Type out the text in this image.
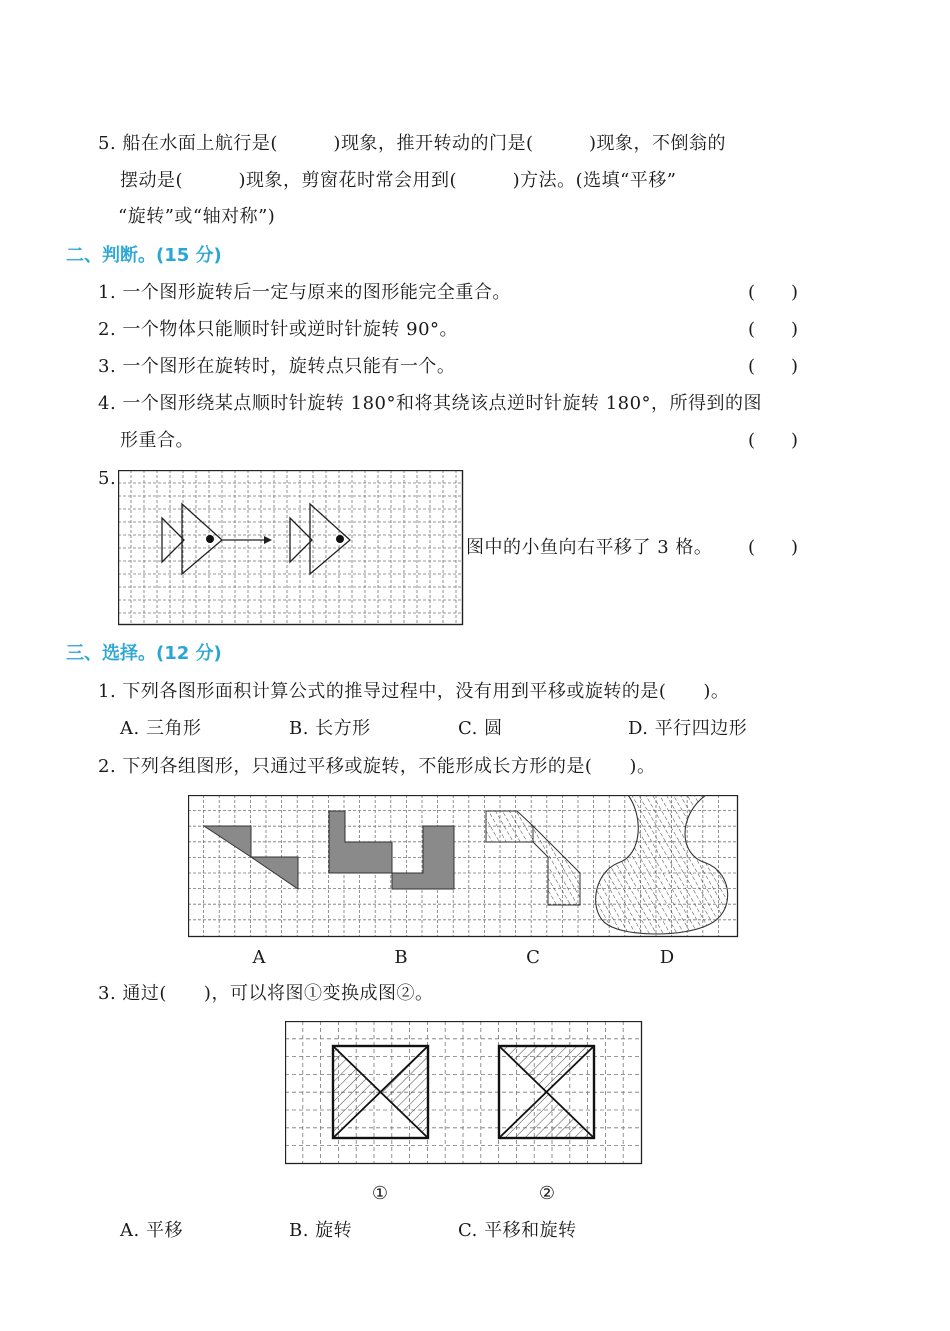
5. 船在水面上航行是(　　　)现象，推开转动的门是(　　　)现象，不倒翁的
摆动是(　　　)现象，剪窗花时常会用到(　　　)方法。(选填“平移”
“旋转”或“轴对称”)
二、判断。(15 分)
1. 一个图形旋转后一定与原来的图形能完全重合。	(　　)
2. 一个物体只能顺时针或逆时针旋转 90°。	(　　)
3. 一个图形在旋转时，旋转点只能有一个。	(　　)
4. 一个图形绕某点顺时针旋转 180°和将其绕该点逆时针旋转 180°，所得到的图
形重合。	(　　)
5.
图中的小鱼向右平移了 3 格。 (　　)
三、选择。(12 分)
1. 下列各图形面积计算公式的推导过程中，没有用到平移或旋转的是(　　)。
A. 三角形	B. 长方形	C. 圆	D. 平行四边形
2. 下列各组图形，只通过平移或旋转，不能形成长方形的是(　　)。
A	B	C	D
3. 通过(　　)，可以将图①变换成图②。
①	②
A. 平移	B. 旋转	C. 平移和旋转
